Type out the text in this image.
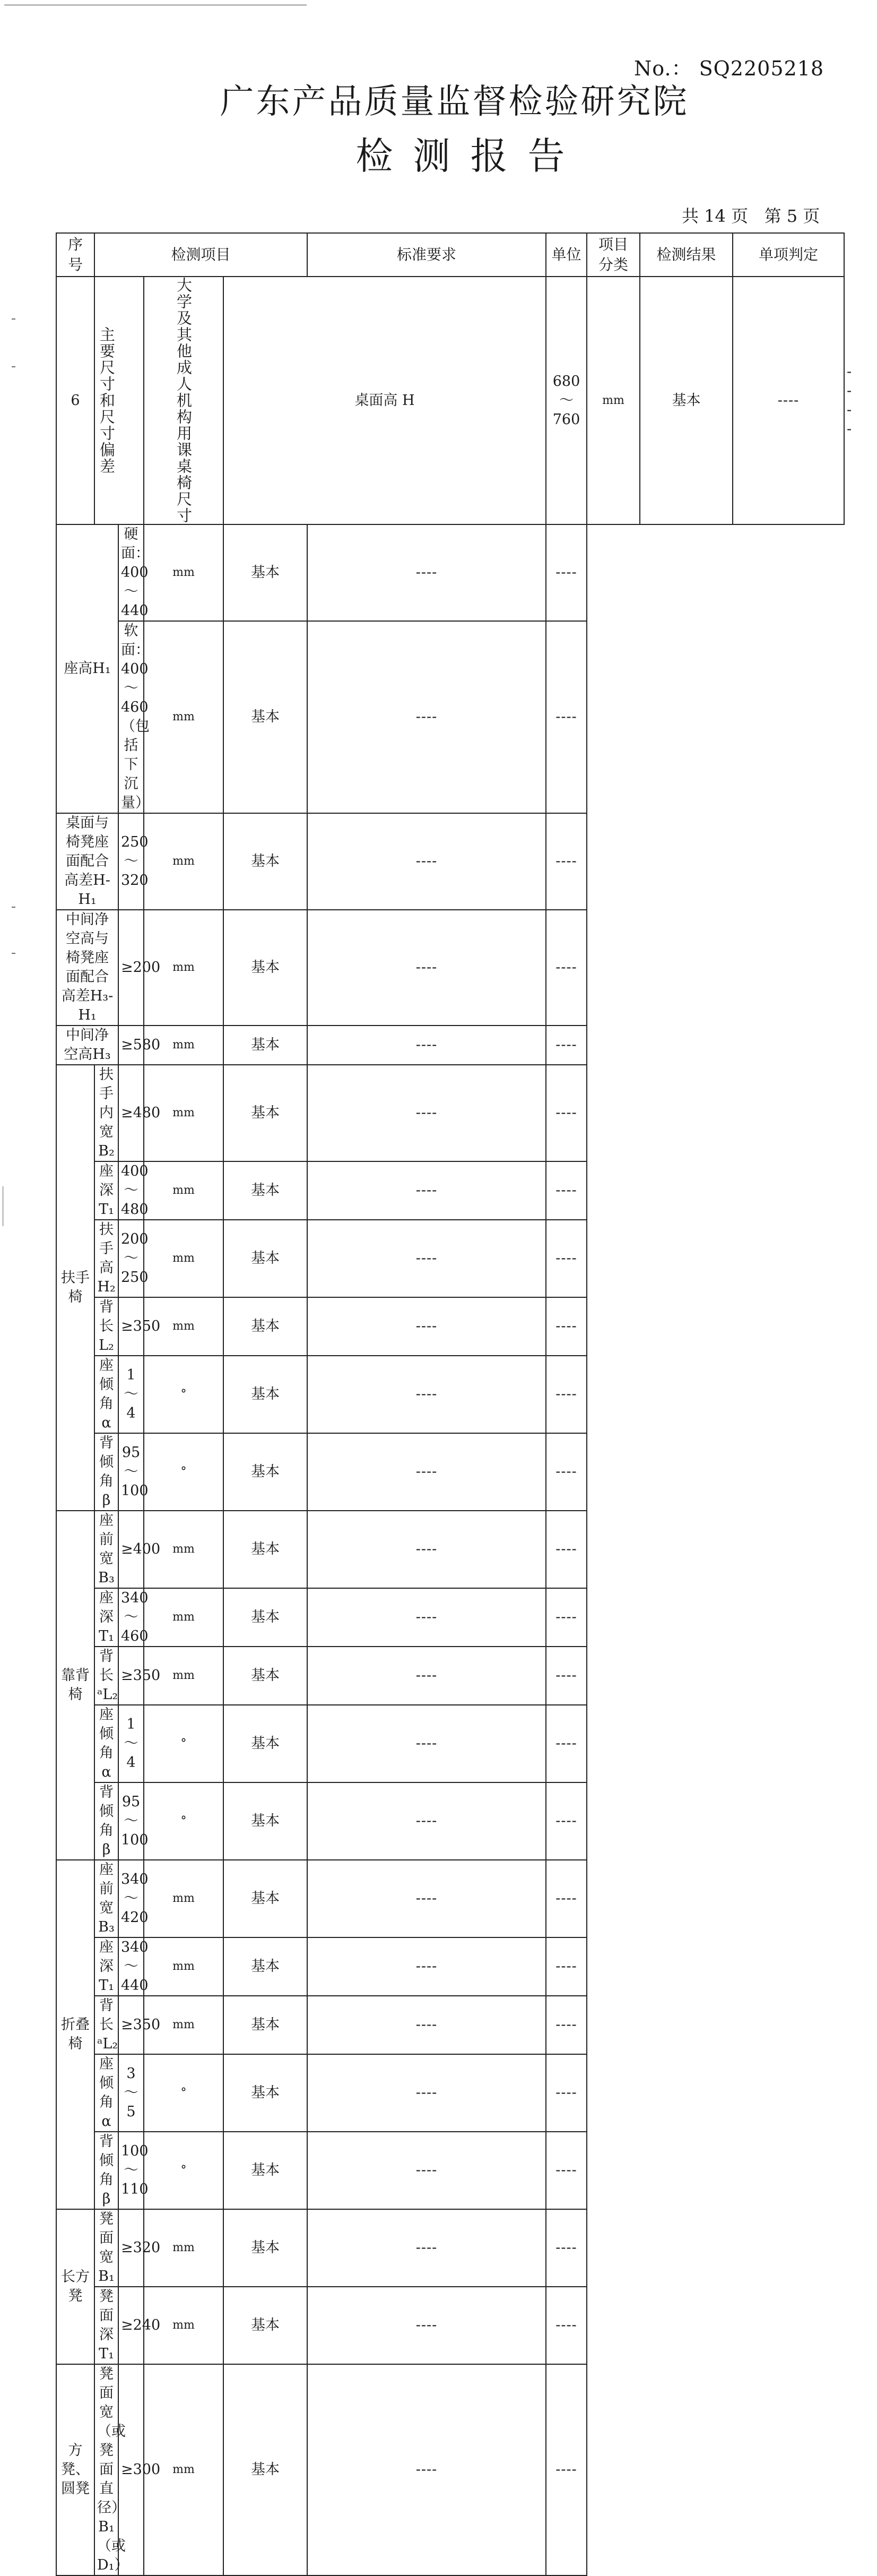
No.： SQ2205218
广东产品质量监督检验研究院
检测报告
共 14 页 第 5 页
序号	检测项目				标准要求	单位	项目分类	检测结果	单项判定	
6	主要尺寸和尺寸偏差		大学及其他成人机构用课桌椅尺寸	桌面高 H		680～760	mm	基本	----	----
座高H₁		硬面：400～440	mm	基本	----	----				
		软面：400～460（包括下沉量）	mm	基本	----	----				
桌面与椅凳座面配合高差H-H₁		250～320	mm	基本	----	----				
中间净空高与椅凳座面配合高差H₃-H₁		≥200	mm	基本	----	----				
中间净空高H₃		≥580	mm	基本	----	----				
扶手椅	扶手内宽B₂	≥480	mm	基本	----	----				
	座深T₁	400～480	mm	基本	----	----				
	扶手高H₂	200～250	mm	基本	----	----				
	背长L₂	≥350	mm	基本	----	----				
	座倾角 α	1～4	°	基本	----	----				
	背倾角 β	95～100	°	基本	----	----				
靠背椅	座前宽B₃	≥400	mm	基本	----	----				
	座深T₁	340～460	mm	基本	----	----				
	背长ᵃL₂	≥350	mm	基本	----	----				
	座倾角 α	1～4	°	基本	----	----				
	背倾角 β	95～100	°	基本	----	----				
折叠椅	座前宽B₃	340～420	mm	基本	----	----				
	座深T₁	340～440	mm	基本	----	----				
	背长ᵃL₂	≥350	mm	基本	----	----				
	座倾角 α	3～5	°	基本	----	----				
	背倾角 β	100～110	°	基本	----	----				
长方凳	凳面宽B₁	≥320	mm	基本	----	----				
	凳面深T₁	≥240	mm	基本	----	----				
方凳、圆凳	凳面宽（或凳面直径）B₁（或D₁）	≥300	mm	基本	----	----				
